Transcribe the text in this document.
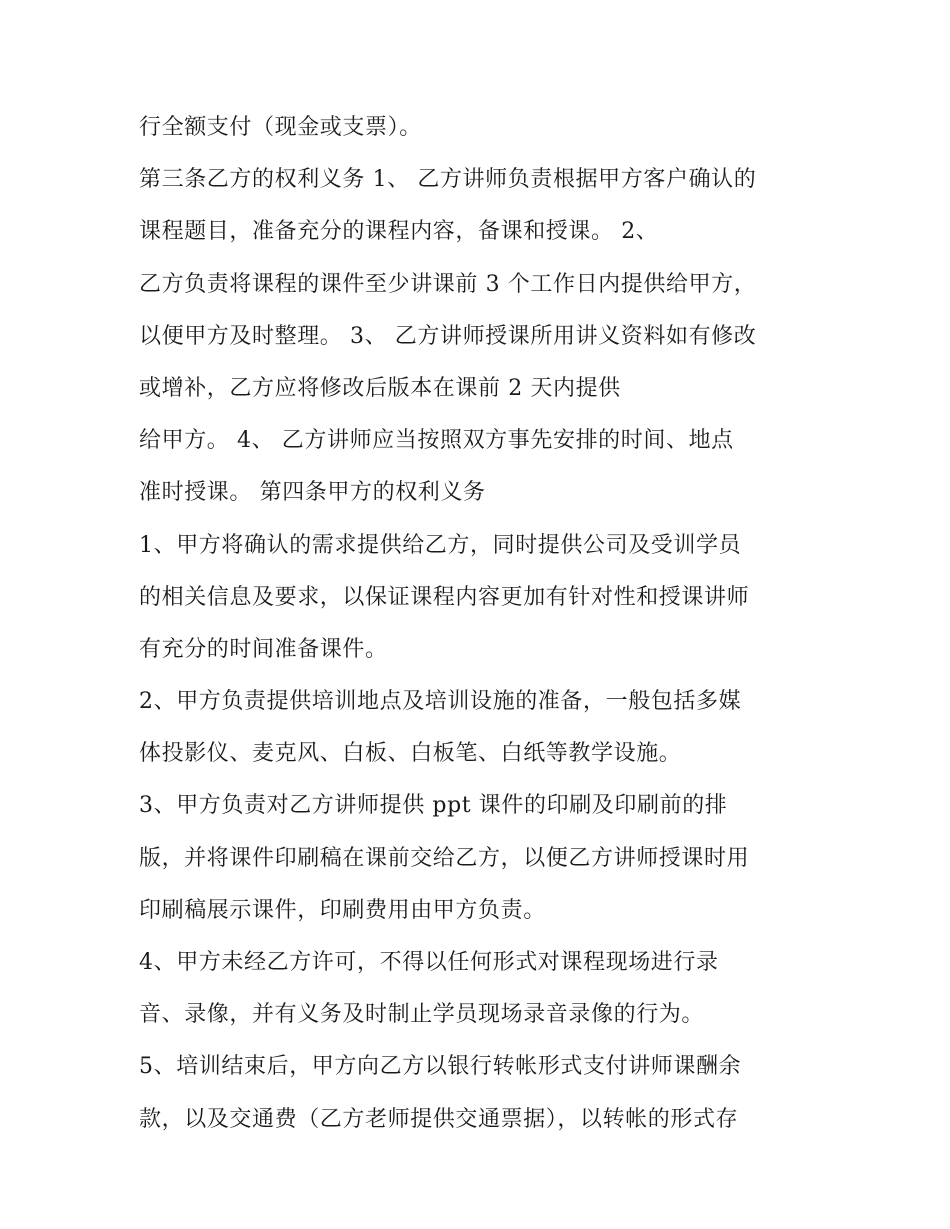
行全额支付（现金或支票）。
第三条乙方的权利义务 1、 乙方讲师负责根据甲方客户确认的
课程题目，准备充分的课程内容，备课和授课。 2、
乙方负责将课程的课件至少讲课前 3 个工作日内提供给甲方，
以便甲方及时整理。 3、 乙方讲师授课所用讲义资料如有修改
或增补，乙方应将修改后版本在课前 2 天内提供
给甲方。 4、 乙方讲师应当按照双方事先安排的时间、地点
准时授课。 第四条甲方的权利义务
1、甲方将确认的需求提供给乙方，同时提供公司及受训学员
的相关信息及要求，以保证课程内容更加有针对性和授课讲师
有充分的时间准备课件。
2、甲方负责提供培训地点及培训设施的准备，一般包括多媒
体投影仪、麦克风、白板、白板笔、白纸等教学设施。
3、甲方负责对乙方讲师提供 ppt 课件的印刷及印刷前的排
版，并将课件印刷稿在课前交给乙方，以便乙方讲师授课时用
印刷稿展示课件，印刷费用由甲方负责。
4、甲方未经乙方许可，不得以任何形式对课程现场进行录
音、录像，并有义务及时制止学员现场录音录像的行为。
5、培训结束后，甲方向乙方以银行转帐形式支付讲师课酬余
款，以及交通费（乙方老师提供交通票据），以转帐的形式存
